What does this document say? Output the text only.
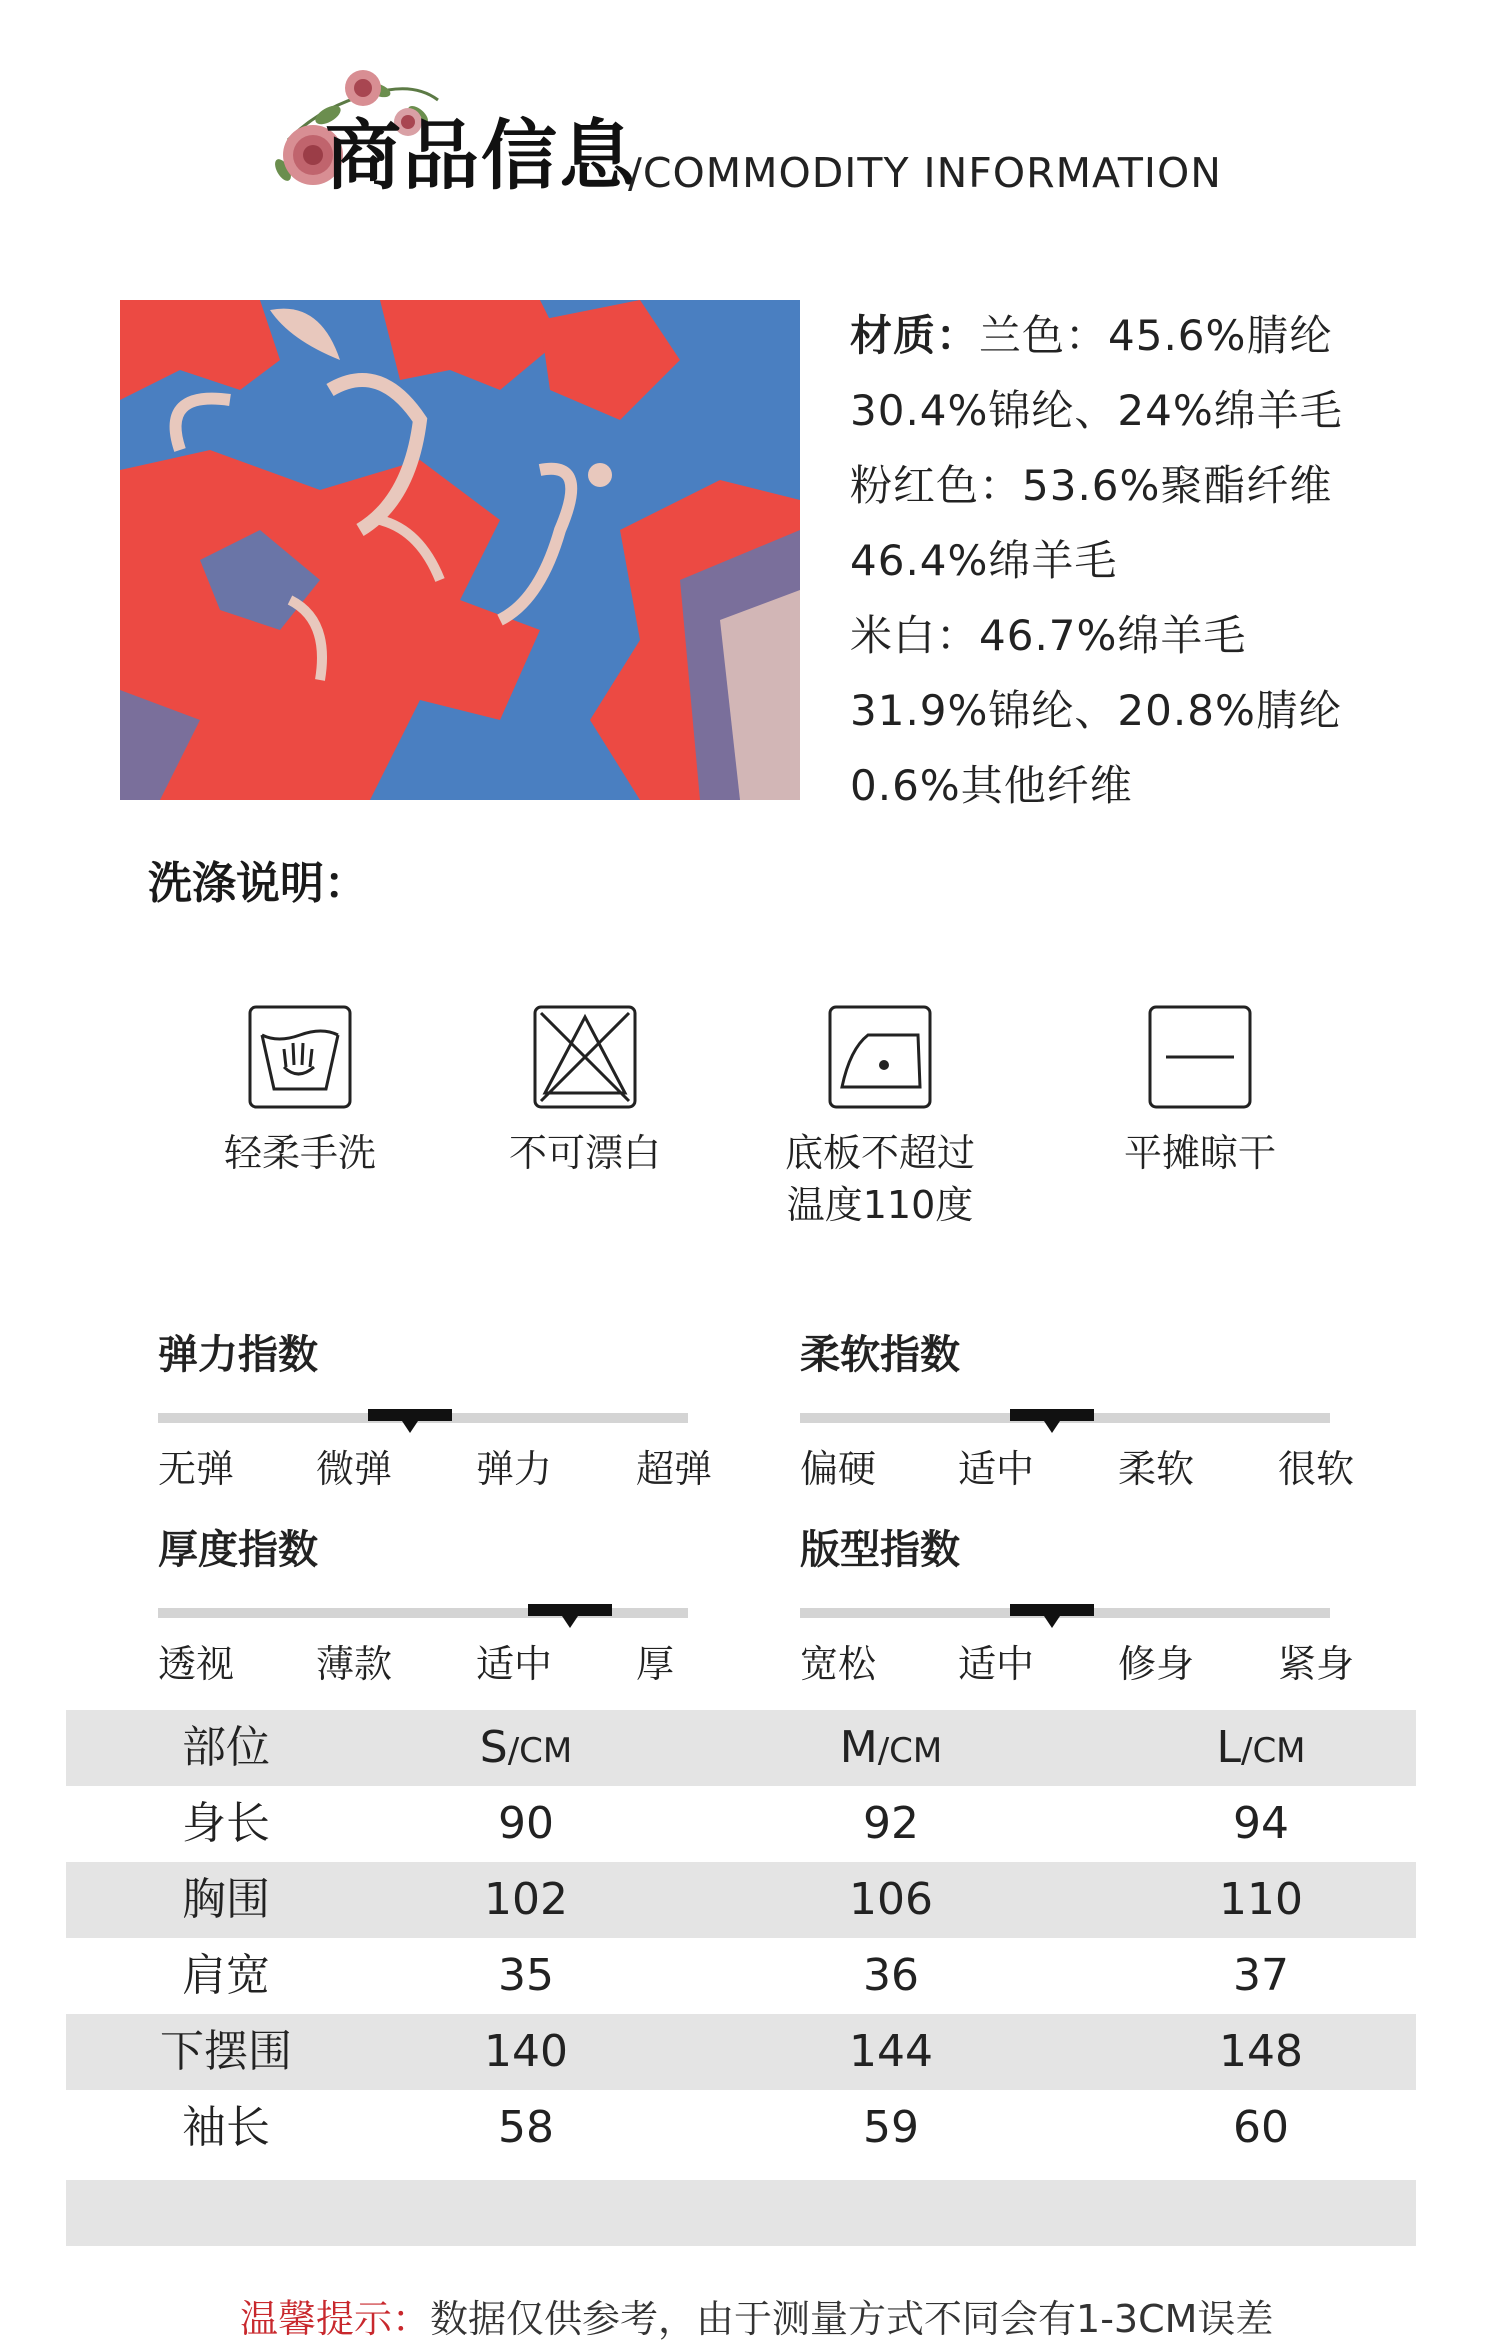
商品信息
/COMMODITY INFORMATION
材质：兰色：45.6%腈纶
30.4%锦纶、24%绵羊毛
粉红色：53.6%聚酯纤维
46.4%绵羊毛
米白：46.7%绵羊毛
31.9%锦纶、20.8%腈纶
0.6%其他纤维
洗涤说明：
轻柔手洗	不可漂白	底板不超过
温度110度
平摊晾干
弹力指数
无弹 微弹 弹力 超弹
柔软指数
偏硬 适中 柔软 很软
厚度指数
透视 薄款 适中 厚
版型指数
宽松 适中 修身 紧身
部位	S/CM	M/CM	L/CM
身长	90	92	94
胸围	102	106	110
肩宽	35	36	37
下摆围	140	144	148
袖长	58	59	60
温馨提示：数据仅供参考，由于测量方式不同会有1-3CM误差
